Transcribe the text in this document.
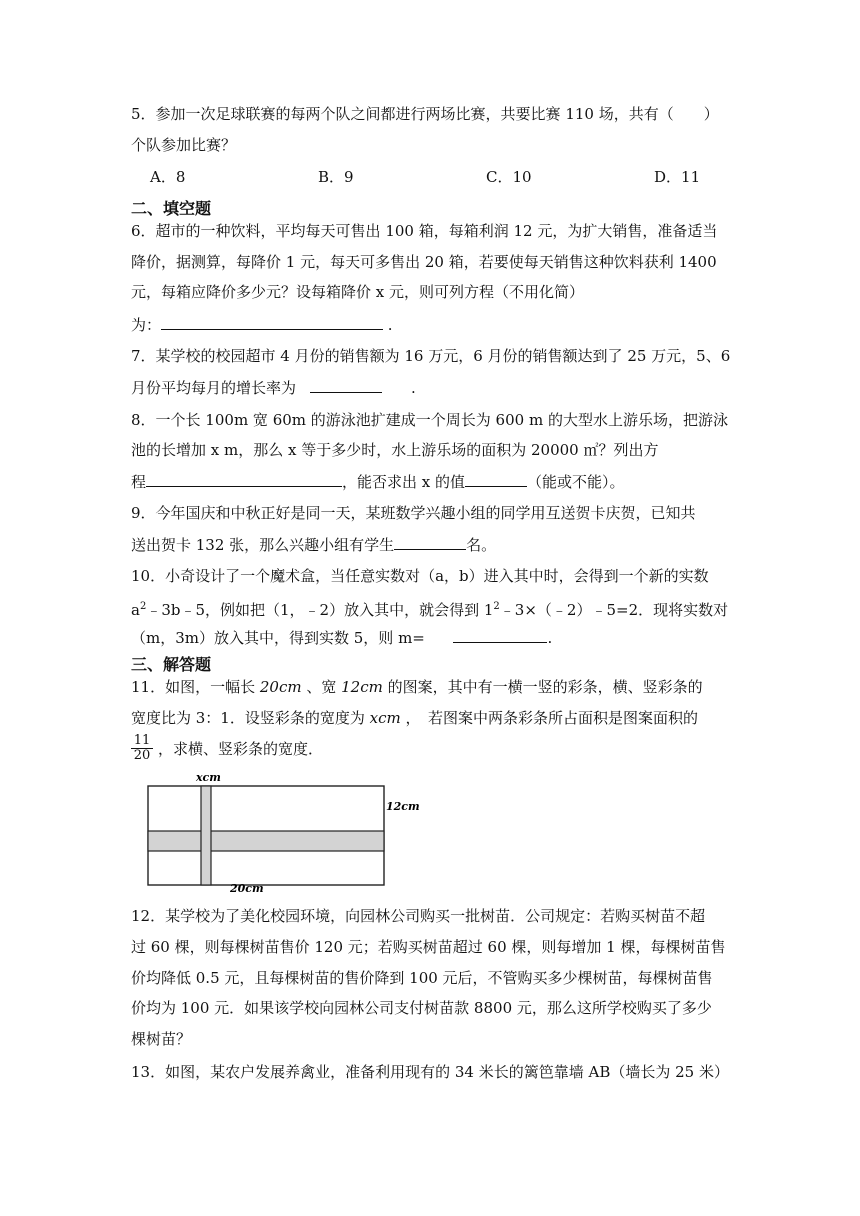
5．参加一次足球联赛的每两个队之间都进行两场比赛，共要比赛 110 场，共有（　　）
个队参加比赛？
A．8	B．9	C．10	D．11
二、填空题
6．超市的一种饮料，平均每天可售出 100 箱，每箱利润 12 元，为扩大销售，准备适当
降价，据测算，每降价 1 元，每天可多售出 20 箱，若要使每天销售这种饮料获利 1400
元，每箱应降价多少元？设每箱降价 x 元，则可列方程（不用化简）
为：	.
7．某学校的校园超市 4 月份的销售额为 16 万元，6 月份的销售额达到了 25 万元，5、6
月份平均每月的增长率为	.
8．一个长 100m 宽 60m 的游泳池扩建成一个周长为 600 m 的大型水上游乐场，把游泳
池的长增加 x m，那么 x 等于多少时，水上游乐场的面积为 20000 ㎡？列出方
程	，能否求出 x 的值	（能或不能）。
9．今年国庆和中秋正好是同一天，某班数学兴趣小组的同学用互送贺卡庆贺，已知共
送出贺卡 132 张，那么兴趣小组有学生	名。
10．小奇设计了一个魔术盒，当任意实数对（a，b）进入其中时，会得到一个新的实数
$a^2﹣3b﹣5$，例如把（1，﹣2）放入其中，就会得到 $1^2﹣3\times(﹣2)﹣5=2$．现将实数对
（m，3m）放入其中，得到实数 5，则 m=	.
三、解答题
11．如图，一幅长 20cm 、宽 12cm 的图案，其中有一横一竖的彩条，横、竖彩条的
宽度比为 3：1．设竖彩条的宽度为 xcm ，　若图案中两条彩条所占面积是图案面积的
$\frac{11}{20}$ ，求横、竖彩条的宽度．
xcm
12cm
20cm
12．某学校为了美化校园环境，向园林公司购买一批树苗．公司规定：若购买树苗不超
过 60 棵，则每棵树苗售价 120 元；若购买树苗超过 60 棵，则每增加 1 棵，每棵树苗售
价均降低 0.5 元，且每棵树苗的售价降到 100 元后，不管购买多少棵树苗，每棵树苗售
价均为 100 元．如果该学校向园林公司支付树苗款 8800 元，那么这所学校购买了多少
棵树苗？
13．如图，某农户发展养禽业，准备利用现有的 34 米长的篱笆靠墙 AB（墙长为 25 米）
